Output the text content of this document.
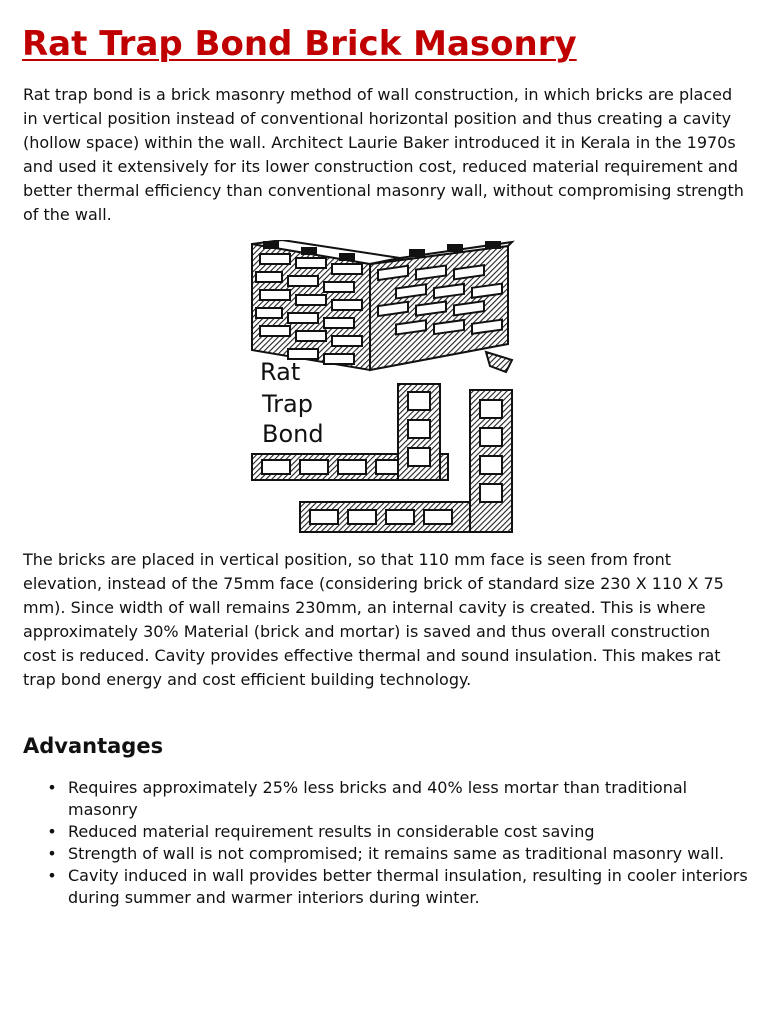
Rat Trap Bond Brick Masonry

Rat trap bond is a brick masonry method of wall construction, in which bricks are placed in vertical position instead of conventional horizontal position and thus creating a cavity (hollow space) within the wall. Architect Laurie Baker introduced it in Kerala in the 1970s and used it extensively for its lower construction cost, reduced material requirement and better thermal efficiency than conventional masonry wall, without compromising strength of the wall.

Rat
Trap
Bond

The bricks are placed in vertical position, so that 110 mm face is seen from front elevation, instead of the 75mm face (considering brick of standard size 230 X 110 X 75 mm). Since width of wall remains 230mm, an internal cavity is created. This is where approximately 30% Material (brick and mortar) is saved and thus overall construction cost is reduced. Cavity provides effective thermal and sound insulation. This makes rat trap bond energy and cost efficient building technology.

Advantages
• Requires approximately 25% less bricks and 40% less mortar than traditional masonry
• Reduced material requirement results in considerable cost saving
• Strength of wall is not compromised; it remains same as traditional masonry wall.
• Cavity induced in wall provides better thermal insulation, resulting in cooler interiors during summer and warmer interiors during winter.
